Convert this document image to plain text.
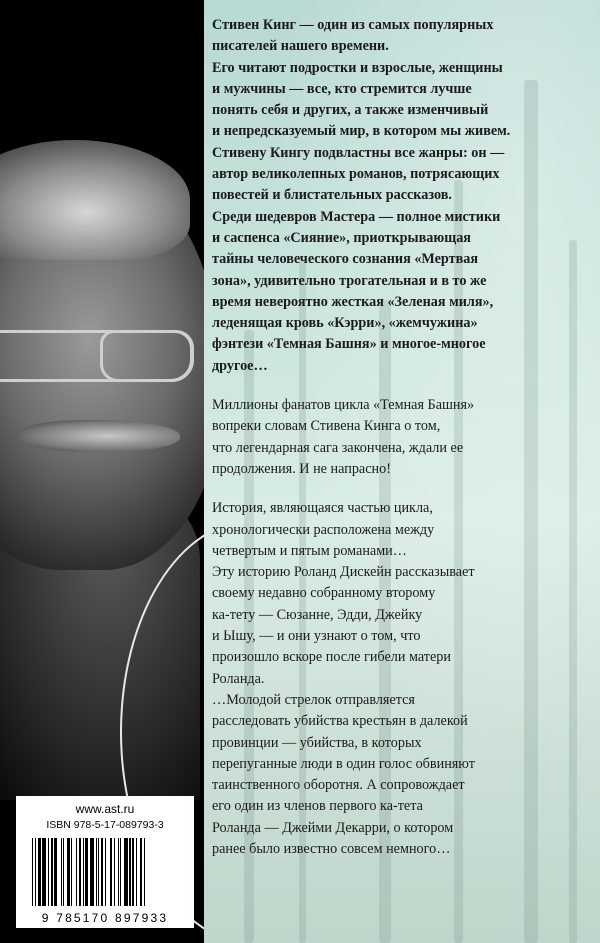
Стивен Кинг — один из самых популярных
писателей нашего времени.
Его читают подростки и взрослые, женщины
и мужчины — все, кто стремится лучше
понять себя и других, а также изменчивый
и непредсказуемый мир, в котором мы живем.
Стивену Кингу подвластны все жанры: он —
автор великолепных романов, потрясающих
повестей и блистательных рассказов.
Среди шедевров Мастера — полное мистики
и саспенса «Сияние», приоткрывающая
тайны человеческого сознания «Мертвая
зона», удивительно трогательная и в то же
время невероятно жесткая «Зеленая миля»,
леденящая кровь «Кэрри», «жемчужина»
фэнтези «Темная Башня» и многое-многое
другое…

Миллионы фанатов цикла «Темная Башня»
вопреки словам Стивена Кинга о том,
что легендарная сага закончена, ждали ее
продолжения. И не напрасно!

История, являющаяся частью цикла,
хронологически расположена между
четвертым и пятым романами…
Эту историю Роланд Дискейн рассказывает
своему недавно собранному второму
ка-тету — Сюзанне, Эдди, Джейку
и Ышу, — и они узнают о том, что
произошло вскоре после гибели матери
Роланда.
…Молодой стрелок отправляется
расследовать убийства крестьян в далекой
провинции — убийства, в которых
перепуганные люди в один голос обвиняют
таинственного оборотня. А сопровождает
его один из членов первого ка-тета
Роланда — Джейми Декарри, о котором
ранее было известно совсем немного…

www.ast.ru
ISBN 978-5-17-089793-3
9 785170 897933
